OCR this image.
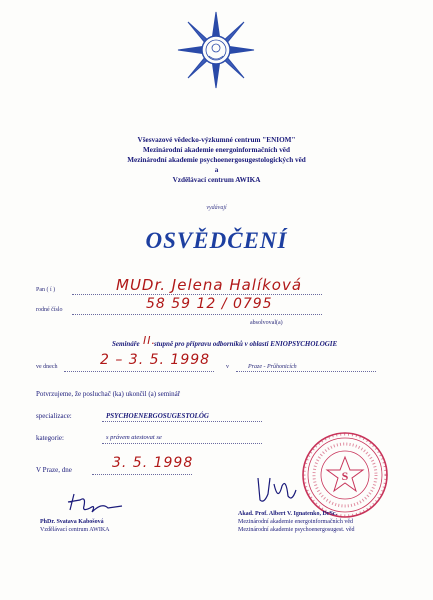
Všesvazové vědecko-výzkumné centrum "ENIOM"
Mezinárodní akademie energoinformačních věd
Mezinárodní akademie psychoenergosugestologických věd
a
Vzdělávací centrum AWIKA
vydávají
OSVĚDČENÍ
Pan ( í )	MUDr. Jelena Halíková
rodné číslo	58 59 12 / 0795
absolvoval(a)
Semináře II.
stupně pro přípravu odborníků v oblasti ENIOPSYCHOLOGIE
ve dnech	2 – 3. 5. 1998	v	Praze - Průhonicích
Potvrzujeme, že posluchač (ka) ukončil (a) seminář
specializace:	PSYCHOENERGOSUGESTOLÓG
kategorie:	s právem atestovat se
V Praze, dne	3. 5. 1998
PhDr. Svatava Kabošová
Vzdělávací centrum AWIKA
S
Akad. Prof. Albert V. Ignatenko, DrSc.
Mezinárodní akademie energoinformačních věd
Mezinárodní akademie psychoenergosugest. věd
